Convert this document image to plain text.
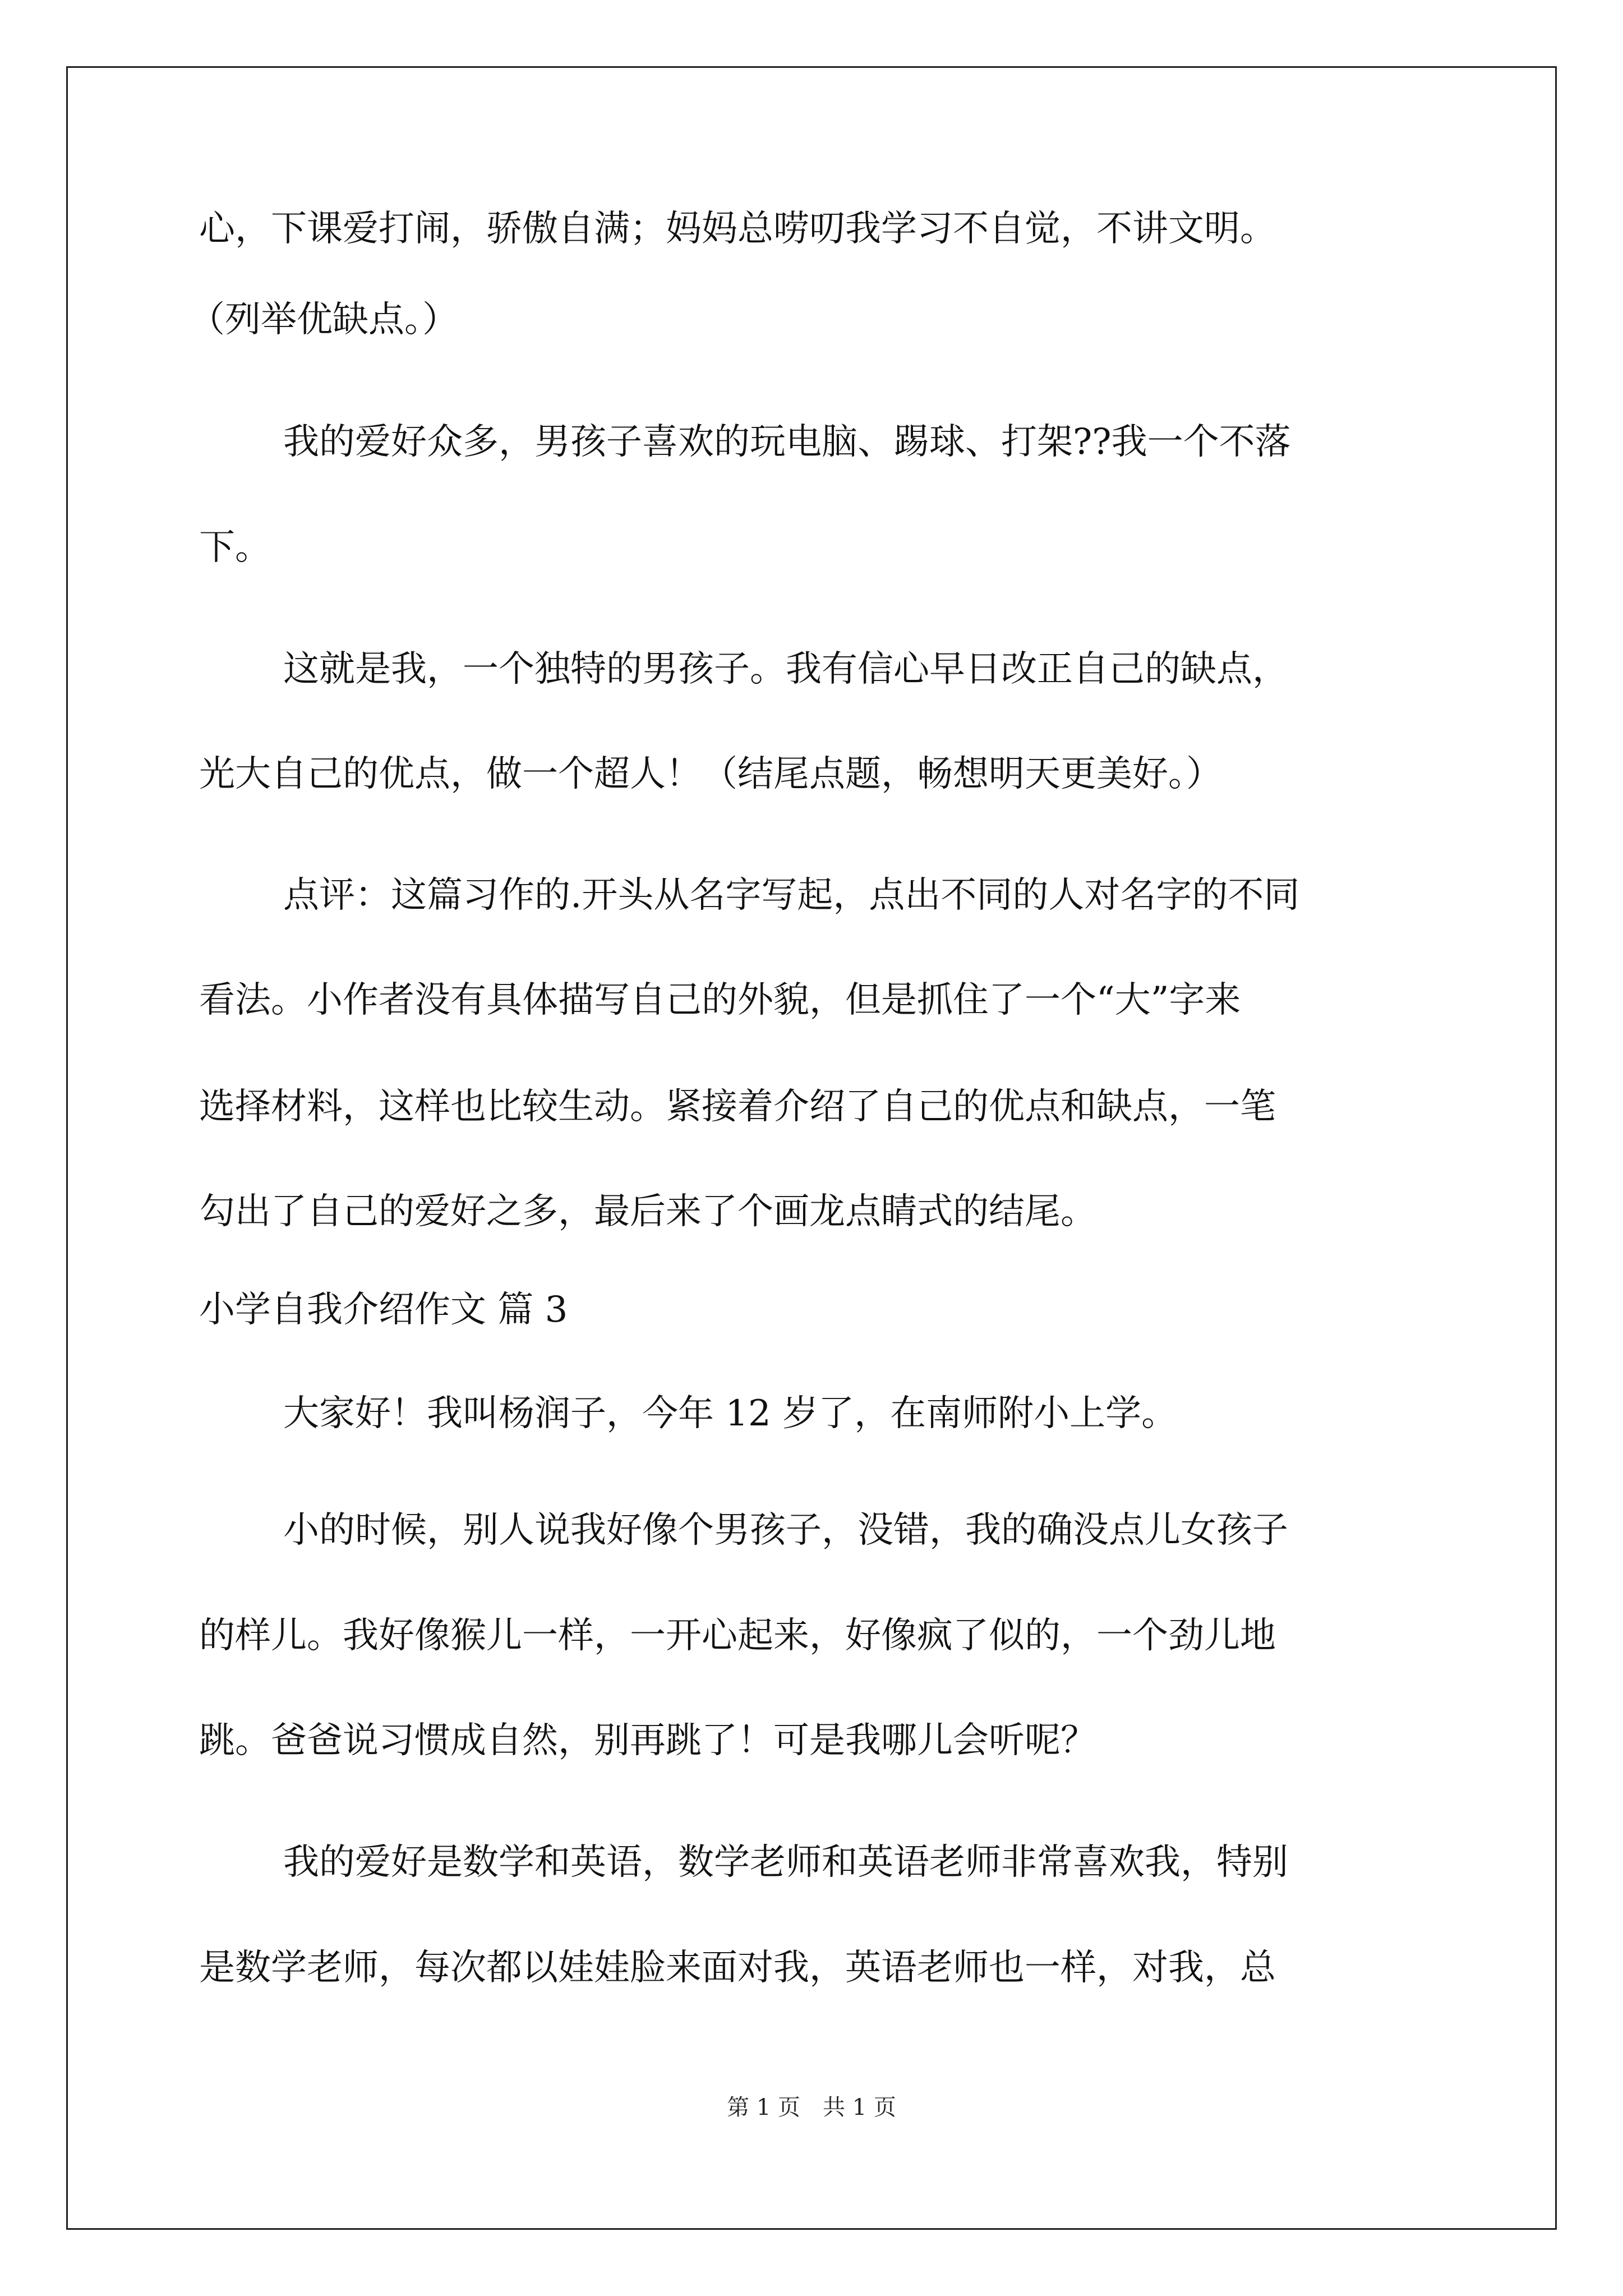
心，下课爱打闹，骄傲自满；妈妈总唠叨我学习不自觉，不讲文明。

（列举优缺点。）

我的爱好众多，男孩子喜欢的玩电脑、踢球、打架??我一个不落

下。

这就是我，一个独特的男孩子。我有信心早日改正自己的缺点，

光大自己的优点，做一个超人！（结尾点题，畅想明天更美好。）

点评：这篇习作的.开头从名字写起，点出不同的人对名字的不同

看法。小作者没有具体描写自己的外貌，但是抓住了一个“大”字来

选择材料，这样也比较生动。紧接着介绍了自己的优点和缺点，一笔

勾出了自己的爱好之多，最后来了个画龙点睛式的结尾。

小学自我介绍作文 篇 3

大家好！我叫杨润子，今年 12 岁了，在南师附小上学。

小的时候，别人说我好像个男孩子，没错，我的确没点儿女孩子

的样儿。我好像猴儿一样，一开心起来，好像疯了似的，一个劲儿地

跳。爸爸说习惯成自然，别再跳了！可是我哪儿会听呢？

我的爱好是数学和英语，数学老师和英语老师非常喜欢我，特别

是数学老师，每次都以娃娃脸来面对我，英语老师也一样，对我，总

第 1 页　共 1 页
